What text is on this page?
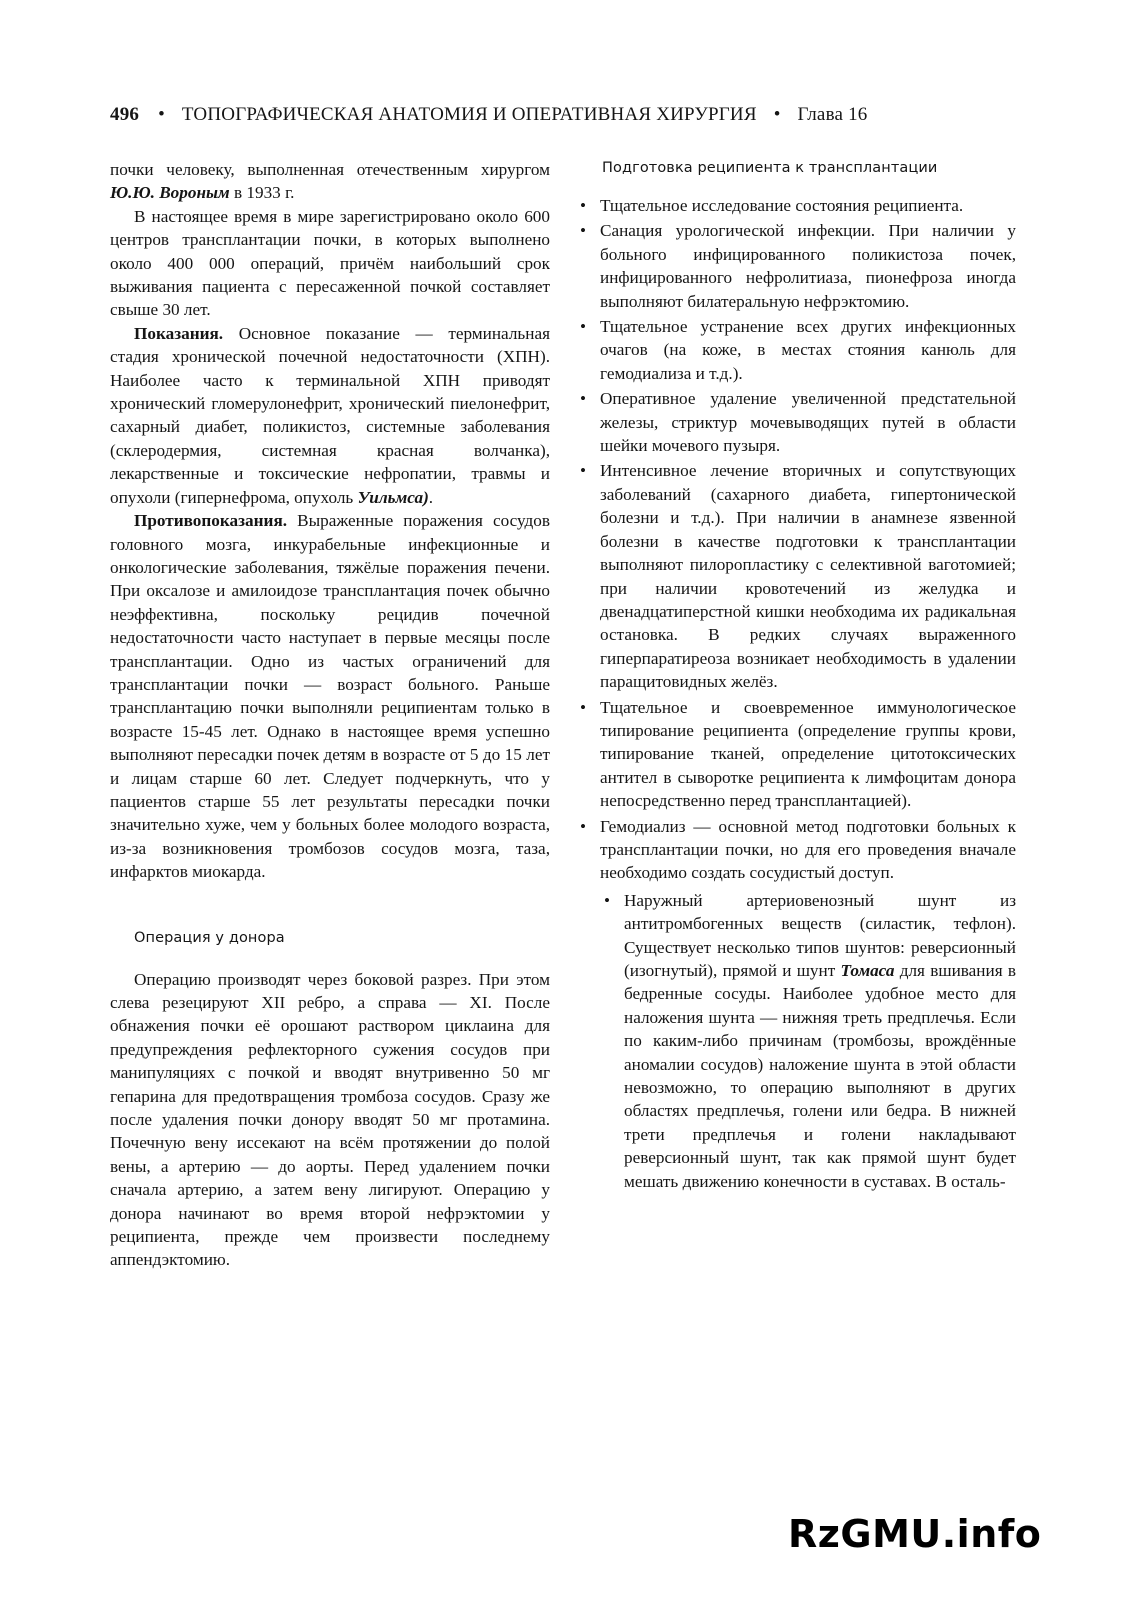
496 • ТОПОГРАФИЧЕСКАЯ АНАТОМИЯ И ОПЕРАТИВНАЯ ХИРУРГИЯ • Глава 16

почки человеку, выполненная отечественным хирургом Ю.Ю. Вороным в 1933 г.

В настоящее время в мире зарегистрировано около 600 центров трансплантации почки, в которых выполнено около 400 000 операций, причём наибольший срок выживания пациента с пересаженной почкой составляет свыше 30 лет.

Показания. Основное показание — терминальная стадия хронической почечной недостаточности (ХПН). Наиболее часто к терминальной ХПН приводят хронический гломерулонефрит, хронический пиелонефрит, сахарный диабет, поликистоз, системные заболевания (склеродермия, системная красная волчанка), лекарственные и токсические нефропатии, травмы и опухоли (гипернефрома, опухоль Уильмса).

Противопоказания. Выраженные поражения сосудов головного мозга, инкурабельные инфекционные и онкологические заболевания, тяжёлые поражения печени. При оксалозе и амилоидозе трансплантация почек обычно неэффективна, поскольку рецидив почечной недостаточности часто наступает в первые месяцы после трансплантации. Одно из частых ограничений для трансплантации почки — возраст больного. Раньше трансплантацию почки выполняли реципиентам только в возрасте 15-45 лет. Однако в настоящее время успешно выполняют пересадки почек детям в возрасте от 5 до 15 лет и лицам старше 60 лет. Следует подчеркнуть, что у пациентов старше 55 лет результаты пересадки почки значительно хуже, чем у больных более молодого возраста, из-за возникновения тромбозов сосудов мозга, таза, инфарктов миокарда.

Операция у донора

Операцию производят через боковой разрез. При этом слева резецируют XII ребро, а справа — XI. После обнажения почки её орошают раствором циклаина для предупреждения рефлекторного сужения сосудов при манипуляциях с почкой и вводят внутривенно 50 мг гепарина для предотвращения тромбоза сосудов. Сразу же после удаления почки донору вводят 50 мг протамина. Почечную вену иссекают на всём протяжении до полой вены, а артерию — до аорты. Перед удалением почки сначала артерию, а затем вену лигируют. Операцию у донора начинают во время второй нефрэктомии у реципиента, прежде чем произвести последнему аппендэктомию.

Подготовка реципиента к трансплантации

• Тщательное исследование состояния реципиента.
• Санация урологической инфекции. При наличии у больного инфицированного поликистоза почек, инфицированного нефролитиаза, пионефроза иногда выполняют билатеральную нефрэктомию.
• Тщательное устранение всех других инфекционных очагов (на коже, в местах стояния канюль для гемодиализа и т.д.).
• Оперативное удаление увеличенной предстательной железы, стриктур мочевыводящих путей в области шейки мочевого пузыря.
• Интенсивное лечение вторичных и сопутствующих заболеваний (сахарного диабета, гипертонической болезни и т.д.). При наличии в анамнезе язвенной болезни в качестве подготовки к трансплантации выполняют пилоропластику с селективной ваготомией; при наличии кровотечений из желудка и двенадцатиперстной кишки необходима их радикальная остановка. В редких случаях выраженного гиперпаратиреоза возникает необходимость в удалении паращитовидных желёз.
• Тщательное и своевременное иммунологическое типирование реципиента (определение группы крови, типирование тканей, определение цитотоксических антител в сыворотке реципиента к лимфоцитам донора непосредственно перед трансплантацией).
• Гемодиализ — основной метод подготовки больных к трансплантации почки, но для его проведения вначале необходимо создать сосудистый доступ.
• Наружный артериовенозный шунт из антитромбогенных веществ (силастик, тефлон). Существует несколько типов шунтов: реверсионный (изогнутый), прямой и шунт Томаса для вшивания в бедренные сосуды. Наиболее удобное место для наложения шунта — нижняя треть предплечья. Если по каким-либо причинам (тромбозы, врождённые аномалии сосудов) наложение шунта в этой области невозможно, то операцию выполняют в других областях предплечья, голени или бедра. В нижней трети предплечья и голени накладывают реверсионный шунт, так как прямой шунт будет мешать движению конечности в суставах. В осталь-
RzGMU.info
